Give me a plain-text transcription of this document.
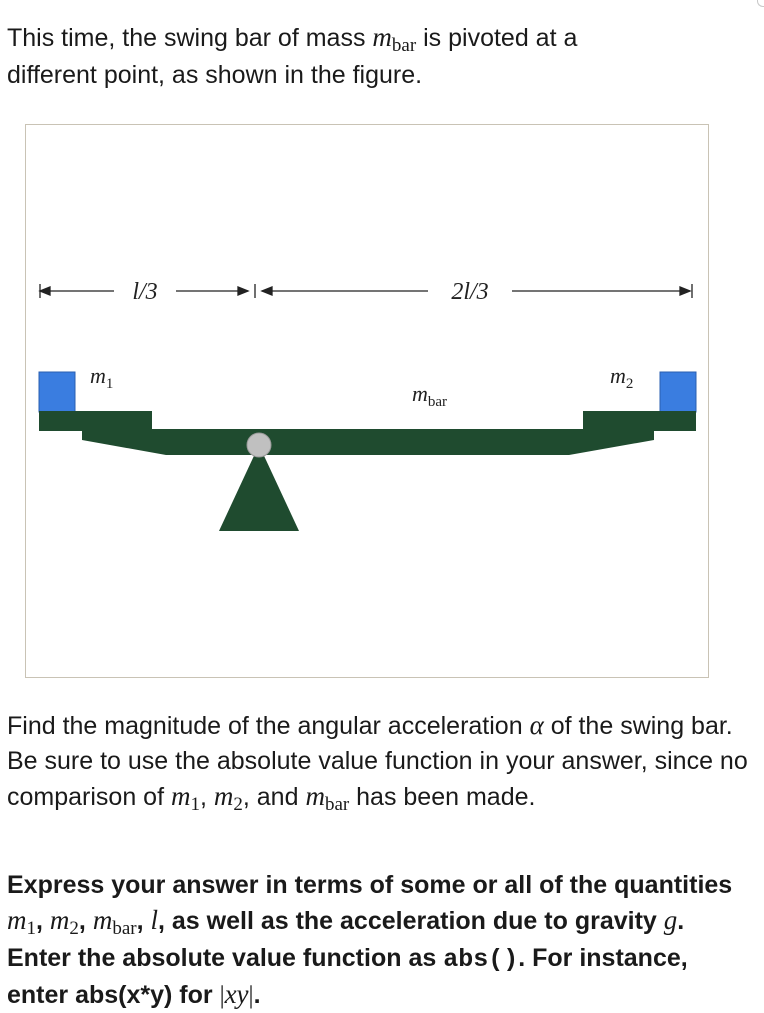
This time, the swing bar of mass mbar is pivoted at a
different point, as shown in the figure.
l/3	2l/3
$m_1$	$m_2$
$m_{bar}$
Find the magnitude of the angular acceleration α of the swing bar. Be sure to use the absolute value function in your answer, since no comparison of m1, m2, and mbar has been made.
Express your answer in terms of some or all of the quantities m1, m2, mbar, l, as well as the acceleration due to gravity g. Enter the absolute value function as abs(). For instance, enter abs(x*y) for |xy|.
